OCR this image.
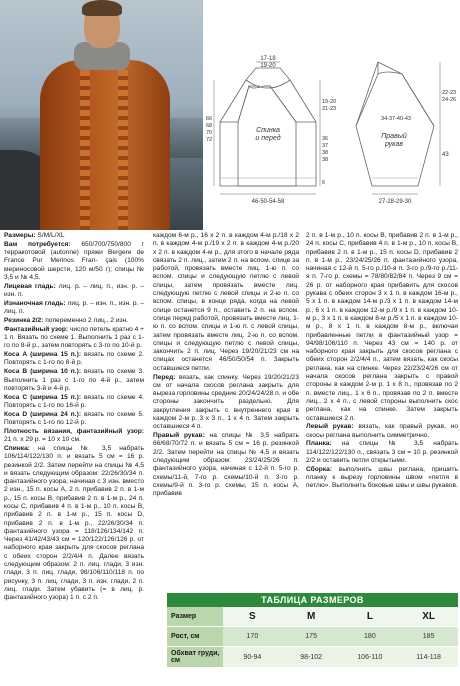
17-18
19-20
66
68
70
72
19-20
21-23
36
37
38
38
Спинка
и перед
6
46-50-54-58
34-37-40-43
Правый
рукав
22-23
24-26
43
27-28-29-30

Размеры: S/M/L/XL

Вам потребуется: 650/700/750/800 г терракотовой (autonne) пряжи Bergere de France Pur Merinos Fran- çais (100% мериносовой шерсти, 120 м/50 г); спицы № 3,5 и № 4,5.

Лицевая гладь: лиц. р. – лиц. п., изн. р. – изн. п.

Изнаночная гладь: лиц. р. – изн. п., изн. р. – лиц. п.

Резинка 2/2: попеременно 2 лиц., 2 изн.

Фантазийный узор: число петель кратно 4 + 1 п. Вязать по схеме 1. Выполнить 1 раз с 1-го по 8-й р., затем повторять с 3-го по 10-й р.

Коса А (ширина 15 п.): вязать по схеме 2. Повторять с 1-го по 8-й р.

Коса В (ширина 10 п.): вязать по схеме 3. Выполнить 1 раз с 1-го по 4-й р., затем повторять 3-й и 4-й р.

Коса С (ширина 15 п.): вязать по схеме 4. Повторять с 1-го по 16-й р.

Коса D (ширина 24 п.): вязать по схеме 5. Повторять с 1-го по 12-й р.

Плотность вязания, фантазийный узор: 21 п. х 29 р. = 10 х 10 см.

Спинка: на спицы № 3,5 набрать 106/114/122/130 п. и вязать 5 см = 16 р. резинкой 2/2. Затем перейти на спицы № 4,5 и вязать следующим образом: 22/26/30/34 п. фантазийного узора, начиная с 3 изн. вместо 2 изн., 15 п. косы А, 2 п. прибавив 2 п. в 1-м р., 15 п. косы В, прибавив 2 п. в 1-м р., 24 п. косы С, прибавив 4 п. в 1-м р., 10 п. косы В, прибавив 2 п. в 1-м р., 15 п. косы D, прибавив 2 п. в 1-м р., 22/26/30/34 п. фантазийного узора = 118/126/134/142 п. Через 41/42/43/43 см = 120/122/126/126 р. от наборного края закрыть для скосов реглана с обеих сторон 2/2/4/4 п. Далее вязать следующим образом: 2 п. лиц. глади, 3 изн. глади, 3 п. лиц. глади, 98/106/110/118 п. по рисунку, 3 п. лиц. глади, 3 п. изн. глади, 2 п. лиц. глади. Затем убавить (= в лиц. р. фантазийного узора) 1 п. с 2 п.

каждом 6-м р., 16 х 2 п. в каждом 4-м р./18 х 2 п. в каждом 4-м р./19 х 2 п. в каждом 4-м р./20 х 2 п. в каждом 4-м р., для этого в начале ряда связать 2 п. лиц., затем 2 п. на вспом. спице за работой, провязать вместе лиц. 1-ю п. со вспом. спицы и следующую петлю с левой спицы, затем провязать вместе лиц. следующую петлю с левой спицы и 2-ю п. со вспом. спицы, в конце ряда, когда на левой спице останется 9 п., оставить 2 п. на вспом. спице перед работой, провязать вместе лиц. 1-ю п. со вспом. спицы и 1-ю п. с левой спицы, затем провязать вместе лиц. 2-ю п. со вспом. спицы и следующую петлю с левой спицы, закончить 2 п. лиц. Через 19/20/21/23 см на спицах останется 46/50/50/54 п. Закрыть оставшиеся петли.

Перед: вязать, как спинку. Через 19/20/21/23 см от начала скосов реглана закрыть для выреза горловины средние 20/24/24/28 п. и обе стороны закончить раздельно. Для закругления закрыть с внутреннего края в каждом 2-м р. 3 х 3 п., 1 х 4 п. Затем закрыть оставшиеся 4 п.

Правый рукав: на спицы № 3,5 набрать 66/68/70/72 п. и вязать 5 см = 16 р. резинкой 2/2. Затем перейти на спицы № 4,5 и вязать следующим образом: 23/24/25/26 п. фантазийного узора, начиная с 12-й п. 5-го р. схемы/11-й, 7-го р. схемы/10-й п. 3-го р. схемы/9-й п. 3-го р. схемы, 15 п. косы А, прибавив

2 п. в 1-м р., 10 п. косы В, прибавив 2 п. в 1-м р., 24 п. косы С, прибавив 4 п. в 1-м р., 10 п. косы В, прибавив 2 п. в 1-м р., 15 п. косы D, прибавив 2 п. в 1-м р., 23/24/25/26 п. фантазийного узора, начиная с 12-й п. 5-го р./10-я п. 3-го р./9-го р./11-я п. 7-го р. схемы = 78/80/82/84 п. Через 9 см = 26 р. от наборного края прибавить для скосов рукава с обеих сторон 3 х 1 п. в каждом 16-м р., 5 х 1 п. в каждом 14-м р./3 х 1 п. в каждом 14-м р., 6 х 1 п. в каждом 12-м р./9 х 1 п. в каждом 10-м р., 3 х 1 п. в каждом 8-м р./5 х 1 п. в каждом 10-м р., 8 х 1 п. в каждом 8-м р., включая прибавленные петли в фантазийный узор = 94/98/106/110 п. Через 43 см = 140 р. от наборного края закрыть для скосов реглана с обеих сторон 2/2/4/4 п., затем вязать, как скосы реглана, как на спинке. Через 22/23/24/26 см от начала скосов реглана закрыть с правой стороны в каждом 2-м р. 1 х 8 п., провязав по 2 п. вместе лиц., 1 х 6 п., провязав по 2 п. вместе лиц., 2 х 4 п., с левой стороны выполнить скос реглана, как на спинке. Затем закрыть оставшиеся 2 п.

Левый рукав: вязать, как правый рукав, но скосы реглана выполнить симметрично.

Планка: на спицы № 3,5 набрать 114/122/122/130 п., связать 3 см = 10 р. резинкой 2/2 и оставить петли открытыми.

Сборка: выполнить швы реглана, пришить планку к вырезу горловины швом «петля в петлю». Выполнить боковые швы и швы рукавов.

ТАБЛИЦА РАЗМЕРОВ
Размер	S	M	L	XL
Рост, см	170	175	180	185
Обхват груди, см	90-94	98-102	106-110	114-118
